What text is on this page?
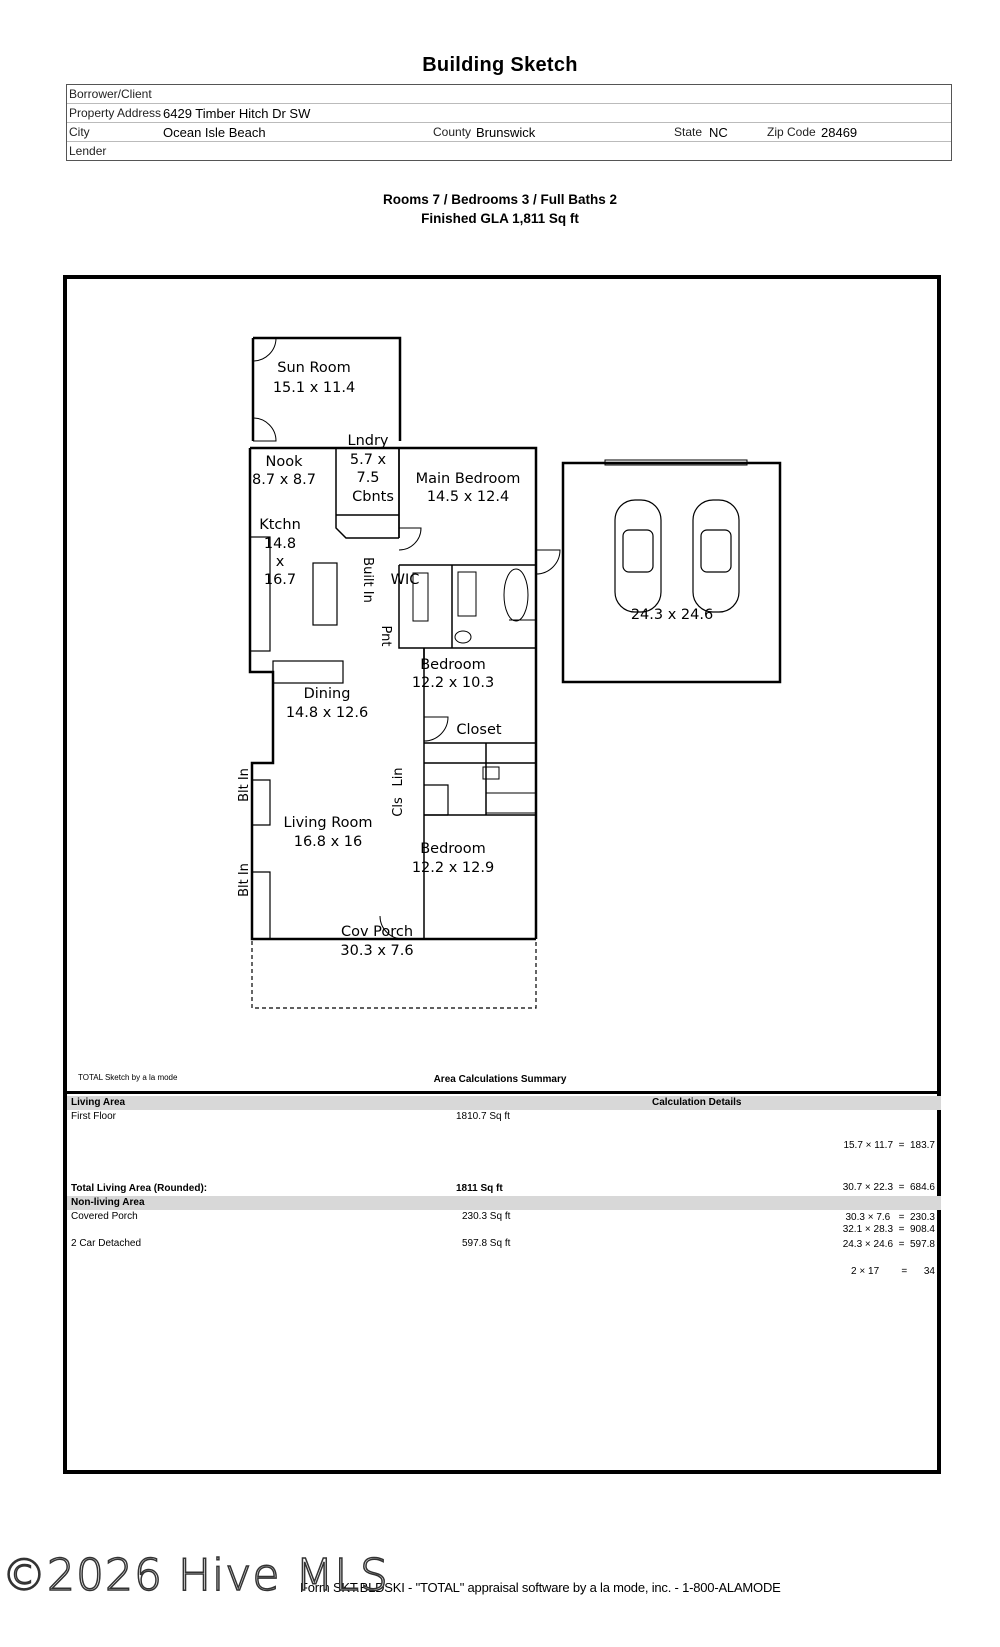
Building Sketch
Borrower/Client
Property Address 6429 Timber Hitch Dr SW
City	Ocean Isle Beach	County Brunswick	State NC	Zip Code 28469
Lender
Rooms 7 / Bedrooms 3 / Full Baths 2
Finished GLA 1,811 Sq ft
Sun Room
15.1 x 11.4
Nook
8.7 x 8.7
Lndry
5.7 x
7.5
Cbnts
Main Bedroom
14.5 x 12.4
Ktchn
14.8
x
16.7	Built In WIC
Pnt
Bedroom
12.2 x 10.3
Closet
Dining
14.8 x 12.6
Lin
Cls
Blt In
Blt In
Living Room
16.8 x 16	Bedroom
12.2 x 12.9
Cov Porch
30.3 x 7.6
24.3 x 24.6
TOTAL Sketch by a la mode	Area Calculations Summary
Living Area	Calculation Details
First Floor	1810.7 Sq ft

15.7 × 11.7  =  183.7

30.7 × 22.3  =  684.6

32.1 × 28.3  =  908.4

2 × 17        =      34

Total Living Area (Rounded):	1811 Sq ft
Non-living Area
Covered Porch	230.3 Sq ft	30.3 × 7.6   =  230.3
2 Car Detached	597.8 Sq ft	24.3 × 24.6  =  597.8
Form SKT.BLDSKI - "TOTAL" appraisal software by a la mode, inc. - 1-800-ALAMODE
©2026 Hive MLS
